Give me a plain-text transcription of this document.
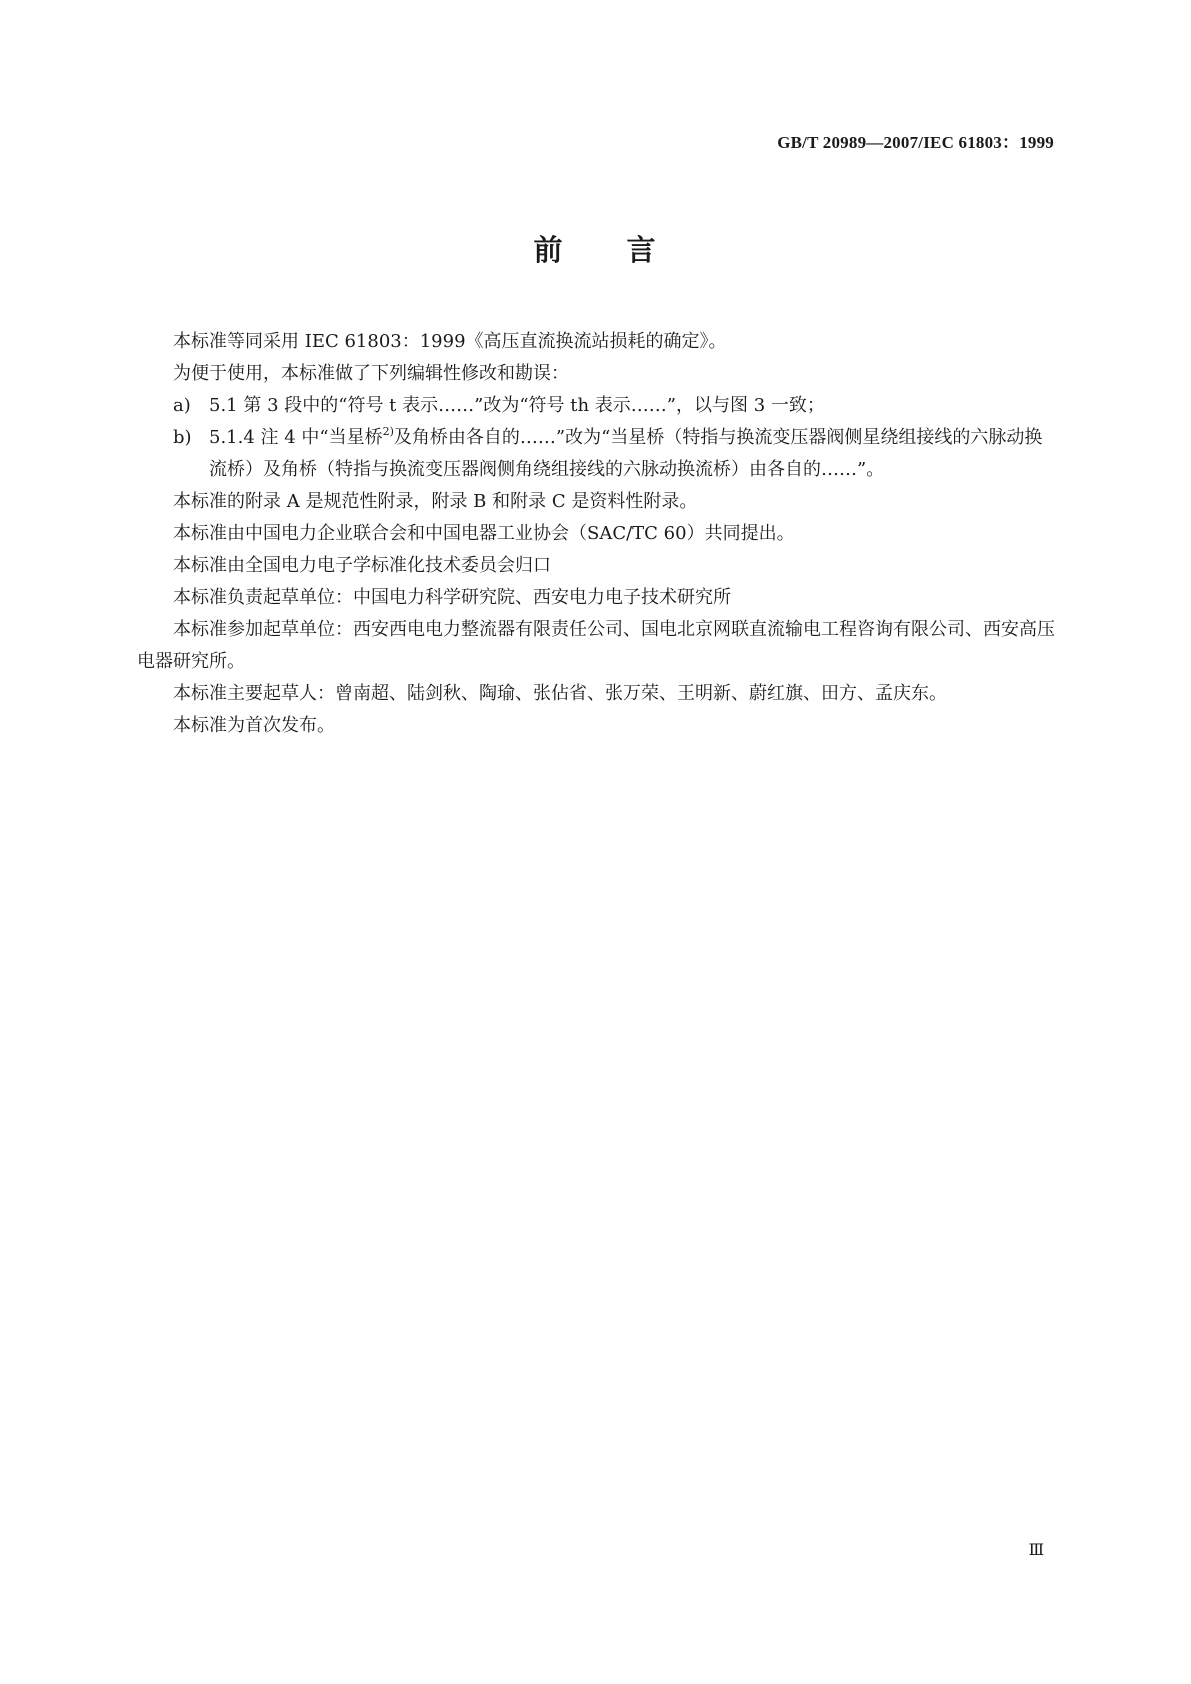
GB/T 20989—2007/IEC 61803：1999
前 言

本标准等同采用 IEC 61803：1999《高压直流换流站损耗的确定》。

为便于使用，本标准做了下列编辑性修改和勘误：

a)	5.1 第 3 段中的“符号 t 表示……”改为“符号 th 表示……”，以与图 3 一致；
b) 5.1.4 注 4 中“当星桥$^{2)}$及角桥由各自的……”改为“当星桥（特指与换流变压器阀侧星绕组接线的六脉动换流桥）及角桥（特指与换流变压器阀侧角绕组接线的六脉动换流桥）由各自的……”。

本标准的附录 A 是规范性附录，附录 B 和附录 C 是资料性附录。

本标准由中国电力企业联合会和中国电器工业协会（SAC/TC 60）共同提出。

本标准由全国电力电子学标准化技术委员会归口

本标准负责起草单位：中国电力科学研究院、西安电力电子技术研究所

本标准参加起草单位：西安西电电力整流器有限责任公司、国电北京网联直流输电工程咨询有限公司、西安高压电器研究所。

本标准主要起草人：曾南超、陆剑秋、陶瑜、张佔省、张万荣、王明新、蔚红旗、田方、孟庆东。

本标准为首次发布。

Ⅲ
